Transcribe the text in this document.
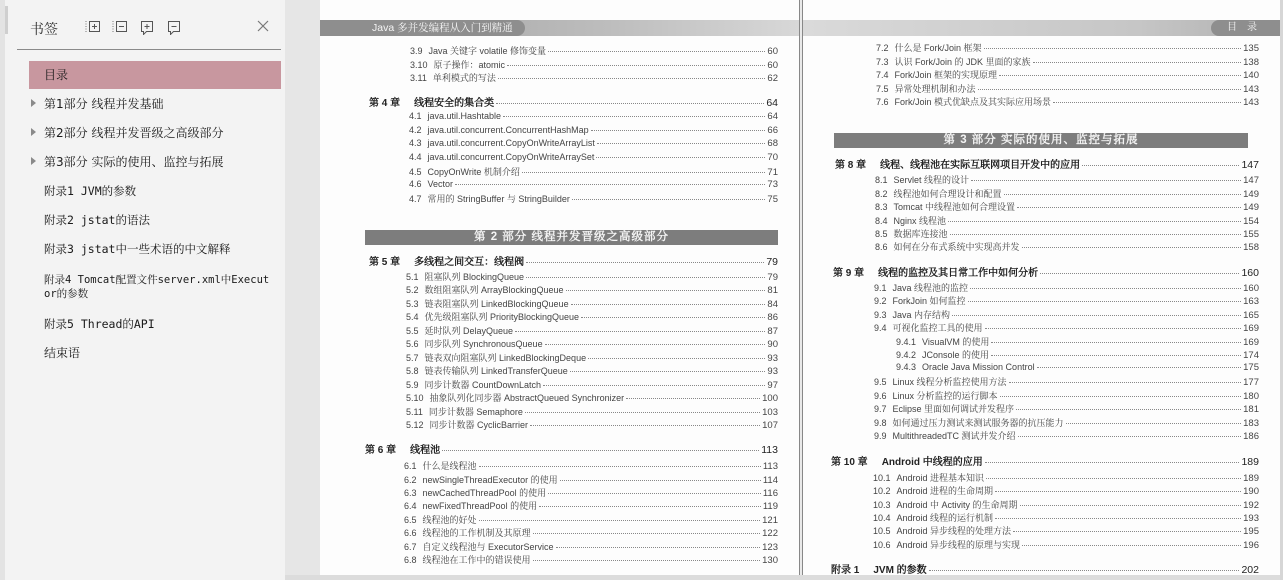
书签
目录
第1部分 线程并发基础
第2部分 线程并发晋级之高级部分
第3部分 实际的使用、监控与拓展
附录1 JVM的参数
附录2 jstat的语法
附录3 jstat中一些术语的中文解释
附录4 Tomcat配置文件server.xml中Execut
or的参数
附录5 Thread的API
结束语
Java 多并发编程从入门到精通
第 2 部分 线程并发晋级之高级部分
3.9 Java 关键字 volatile 修饰变量	60
3.10 原子操作：atomic	60
3.11 单利模式的写法	62
第 4 章	线程安全的集合类	64
4.1 java.util.Hashtable	64
4.2 java.util.concurrent.ConcurrentHashMap	66
4.3 java.util.concurrent.CopyOnWriteArrayList	68
4.4 java.util.concurrent.CopyOnWriteArraySet	70
4.5 CopyOnWrite 机制介绍	71
4.6 Vector	73
4.7 常用的 StringBuffer 与 StringBuilder	75
第 5 章	多线程之间交互：线程阀	79
5.1 阻塞队列 BlockingQueue	79
5.2 数组阻塞队列 ArrayBlockingQueue	81
5.3 链表阻塞队列 LinkedBlockingQueue	84
5.4 优先级阻塞队列 PriorityBlockingQueue	86
5.5 延时队列 DelayQueue	87
5.6 同步队列 SynchronousQueue	90
5.7 链表双向阻塞队列 LinkedBlockingDeque	93
5.8 链表传输队列 LinkedTransferQueue	93
5.9 同步计数器 CountDownLatch	97
5.10 抽象队列化同步器 AbstractQueued Synchronizer	100
5.11 同步计数器 Semaphore	103
5.12 同步计数器 CyclicBarrier	107
第 6 章	线程池	113
6.1 什么是线程池	113
6.2 newSingleThreadExecutor 的使用	114
6.3 newCachedThreadPool 的使用	116
6.4 newFixedThreadPool 的使用	119
6.5 线程池的好处	121
6.6 线程池的工作机制及其原理	122
6.7 自定义线程池与 ExecutorService	123
6.8 线程池在工作中的错误使用	130
目录
第 3 部分 实际的使用、监控与拓展
7.2 什么是 Fork/Join 框架	135
7.3 认识 Fork/Join 的 JDK 里面的家族	138
7.4 Fork/Join 框架的实现原理	140
7.5 异常处理机制和办法	143
7.6 Fork/Join 模式优缺点及其实际应用场景	143
第 8 章	线程、线程池在实际互联网项目开发中的应用	147
8.1 Servlet 线程的设计	147
8.2 线程池如何合理设计和配置	149
8.3 Tomcat 中线程池如何合理设置	149
8.4 Nginx 线程池	154
8.5 数据库连接池	155
8.6 如何在分布式系统中实现高并发	158
第 9 章	线程的监控及其日常工作中如何分析	160
9.1 Java 线程池的监控	160
9.2 ForkJoin 如何监控	163
9.3 Java 内存结构	165
9.4 可视化监控工具的使用	169
9.4.1 VisualVM 的使用	169
9.4.2 JConsole 的使用	174
9.4.3 Oracle Java Mission Control	175
9.5 Linux 线程分析监控使用方法	177
9.6 Linux 分析监控的运行脚本	180
9.7 Eclipse 里面如何调试并发程序	181
9.8 如何通过压力测试来测试服务器的抗压能力	183
9.9 MultithreadedTC 测试并发介绍	186
第 10 章	Android 中线程的应用	189
10.1 Android 进程基本知识	189
10.2 Android 进程的生命周期	190
10.3 Android 中 Activity 的生命周期	192
10.4 Android 线程的运行机制	193
10.5 Android 异步线程的处理方法	195
10.6 Android 异步线程的原理与实现	196
附录 1	JVM 的参数	202
